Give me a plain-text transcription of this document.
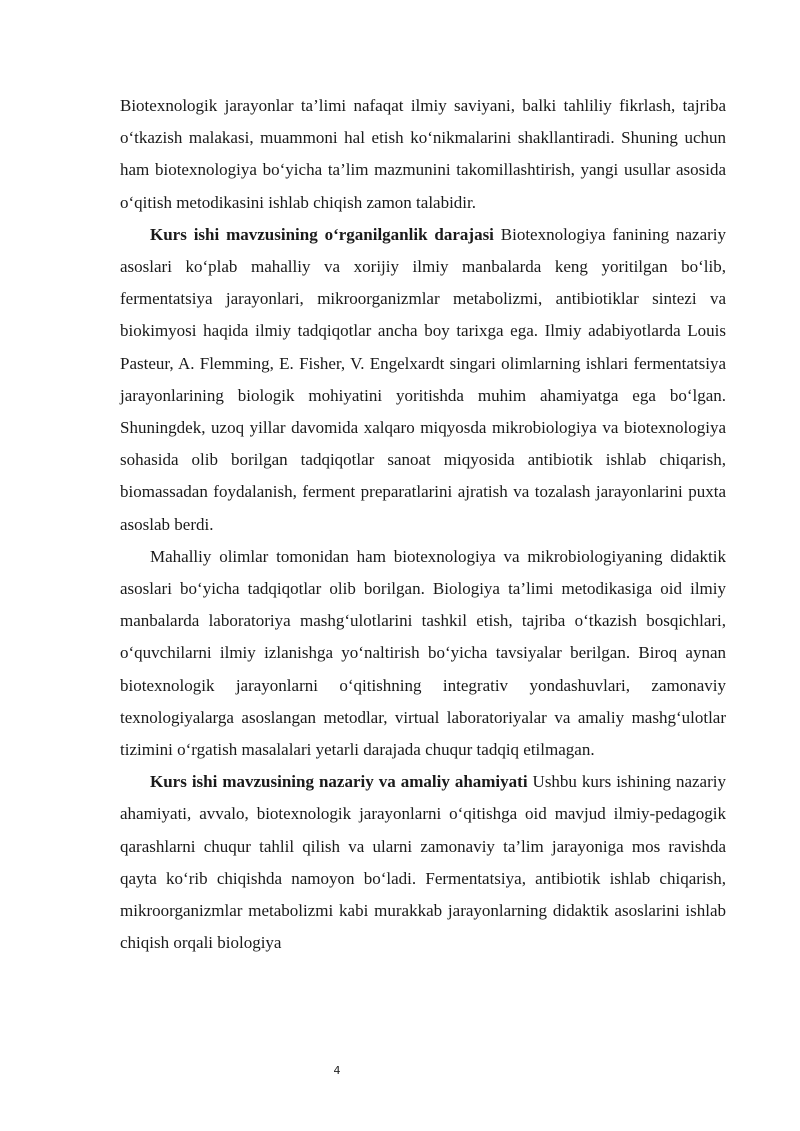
Biotexnologik jarayonlar ta’limi nafaqat ilmiy saviyani, balki tahliliy fikrlash, tajriba o‘tkazish malakasi, muammoni hal etish ko‘nikmalarini shakllantiradi. Shuning uchun ham biotexnologiya bo‘yicha ta’lim mazmunini takomillashtirish, yangi usullar asosida o‘qitish metodikasini ishlab chiqish zamon talabidir.

Kurs ishi mavzusining o‘rganilganlik darajasi Biotexnologiya fanining nazariy asoslari ko‘plab mahalliy va xorijiy ilmiy manbalarda keng yoritilgan bo‘lib, fermentatsiya jarayonlari, mikroorganizmlar metabolizmi, antibiotiklar sintezi va biokimyosi haqida ilmiy tadqiqotlar ancha boy tarixga ega. Ilmiy adabiyotlarda Louis Pasteur, A. Flemming, E. Fisher, V. Engelxardt singari olimlarning ishlari fermentatsiya jarayonlarining biologik mohiyatini yoritishda muhim ahamiyatga ega bo‘lgan. Shuningdek, uzoq yillar davomida xalqaro miqyosda mikrobiologiya va biotexnologiya sohasida olib borilgan tadqiqotlar sanoat miqyosida antibiotik ishlab chiqarish, biomassadan foydalanish, ferment preparatlarini ajratish va tozalash jarayonlarini puxta asoslab berdi.

Mahalliy olimlar tomonidan ham biotexnologiya va mikrobiologiyaning didaktik asoslari bo‘yicha tadqiqotlar olib borilgan. Biologiya ta’limi metodikasiga oid ilmiy manbalarda laboratoriya mashg‘ulotlarini tashkil etish, tajriba o‘tkazish bosqichlari, o‘quvchilarni ilmiy izlanishga yo‘naltirish bo‘yicha tavsiyalar berilgan. Biroq aynan biotexnologik jarayonlarni o‘qitishning integrativ yondashuvlari, zamonaviy texnologiyalarga asoslangan metodlar, virtual laboratoriyalar va amaliy mashg‘ulotlar tizimini o‘rgatish masalalari yetarli darajada chuqur tadqiq etilmagan.

Kurs ishi mavzusining nazariy va amaliy ahamiyati Ushbu kurs ishining nazariy ahamiyati, avvalo, biotexnologik jarayonlarni o‘qitishga oid mavjud ilmiy-pedagogik qarashlarni chuqur tahlil qilish va ularni zamonaviy ta’lim jarayoniga mos ravishda qayta ko‘rib chiqishda namoyon bo‘ladi. Fermentatsiya, antibiotik ishlab chiqarish, mikroorganizmlar metabolizmi kabi murakkab jarayonlarning didaktik asoslarini ishlab chiqish orqali biologiya

4
